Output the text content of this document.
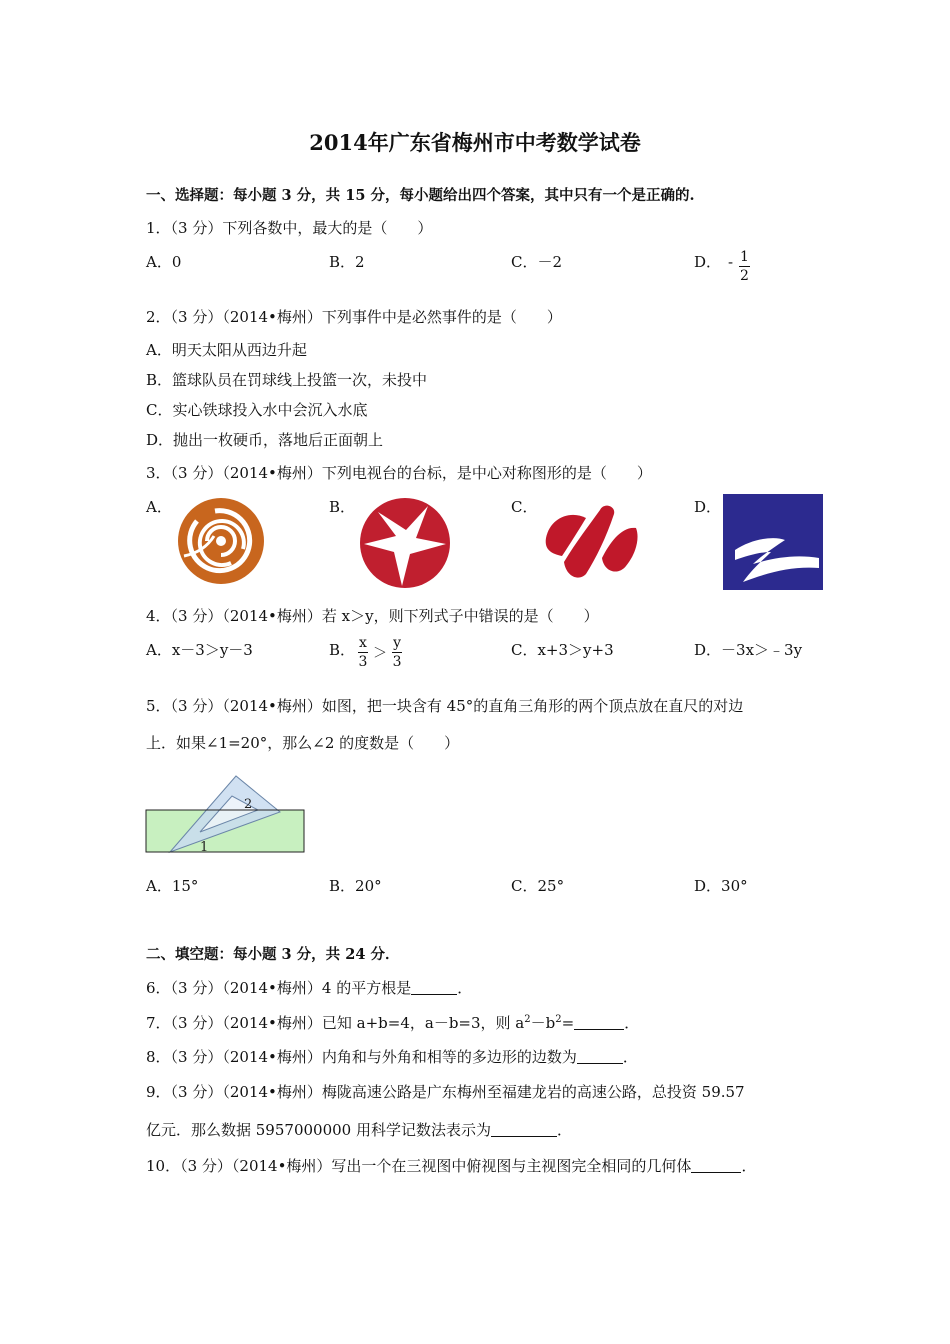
2014年广东省梅州市中考数学试卷
一、选择题：每小题 3 分，共 15 分，每小题给出四个答案，其中只有一个是正确的.
1．（3 分）下列各数中，最大的是（　　）
A．0	B．2	C．－2	D． - $\frac{1}{2}$
2．（3 分）（2014•梅州）下列事件中是必然事件的是（　　）
A．明天太阳从西边升起
B．篮球队员在罚球线上投篮一次，未投中
C．实心铁球投入水中会沉入水底
D．抛出一枚硬币，落地后正面朝上
3．（3 分）（2014•梅州）下列电视台的台标，是中心对称图形的是（　　）
A．	B．	C．	D．
4．（3 分）（2014•梅州）若 x＞y，则下列式子中错误的是（　　）
A．x－3＞y－3	B． $\frac{x}{3} > \frac{y}{3}$	C．x+3＞y+3	D．－3x＞﹣3y
5．（3 分）（2014•梅州）如图，把一块含有 45°的直角三角形的两个顶点放在直尺的对边
上．如果∠1=20°，那么∠2 的度数是（　　）
2
1
A．15°	B．20°	C．25°	D．30°
二、填空题：每小题 3 分，共 24 分．
6．（3 分）（2014•梅州）4 的平方根是	．
7．（3 分）（2014•梅州）已知 a+b=4，a－b=3，则 $a^2-b^2=$	．
8．（3 分）（2014•梅州）内角和与外角和相等的多边形的边数为	．
9．（3 分）（2014•梅州）梅陇高速公路是广东梅州至福建龙岩的高速公路，总投资 59.57
亿元．那么数据 5957000000 用科学记数法表示为	．
10．（3 分）（2014•梅州）写出一个在三视图中俯视图与主视图完全相同的几何体	．
